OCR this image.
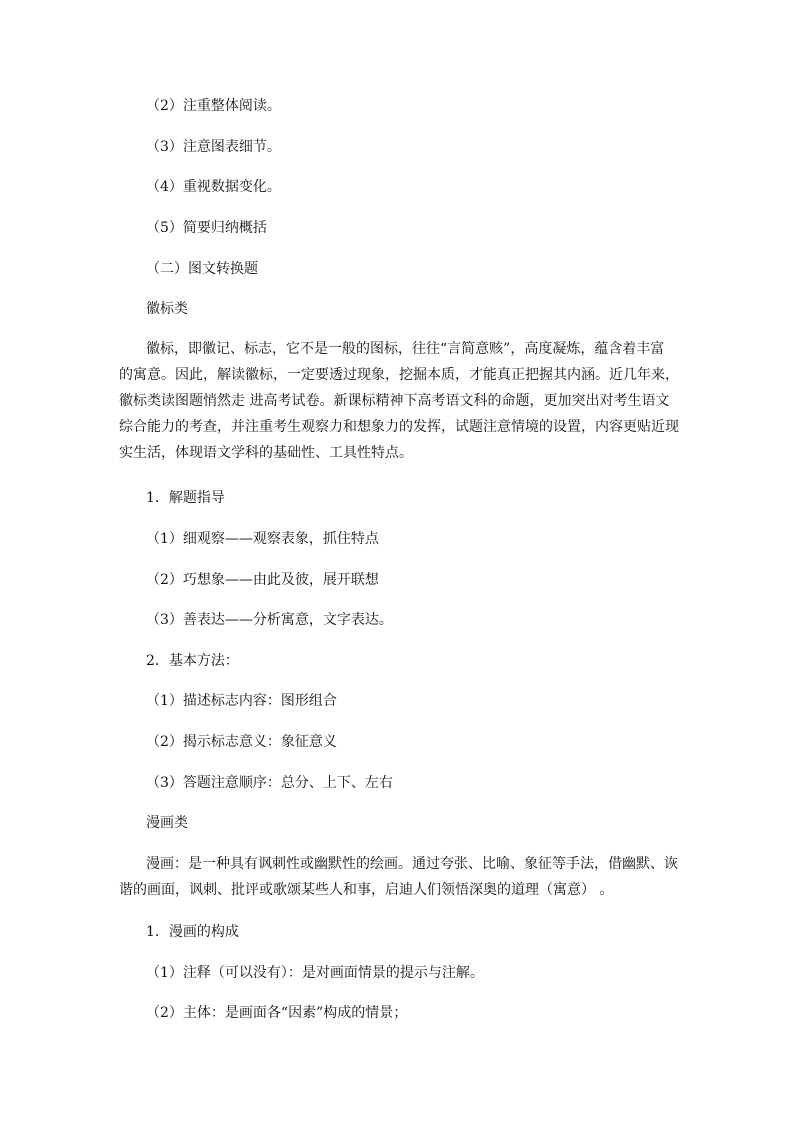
（2）注重整体阅读。
（3）注意图表细节。
（4）重视数据变化。
（5）简要归纳概括
（二）图文转换题
徽标类
徽标，即徽记、标志，它不是一般的图标，往往“言简意赅”，高度凝炼，蕴含着丰富
的寓意。因此，解读徽标，一定要透过现象，挖掘本质，才能真正把握其内涵。近几年来，
徽标类读图题悄然走 进高考试卷。新课标精神下高考语文科的命题，更加突出对考生语文
综合能力的考查，并注重考生观察力和想象力的发挥，试题注意情境的设置，内容更贴近现
实生活，体现语文学科的基础性、工具性特点。
1．解题指导
（1）细观察——观察表象，抓住特点
（2）巧想象——由此及彼，展开联想
（3）善表达——分析寓意，文字表达。
2．基本方法：
（1）描述标志内容：图形组合
（2）揭示标志意义：象征意义
（3）答题注意顺序：总分、上下、左右
漫画类
漫画：是一种具有讽刺性或幽默性的绘画。通过夸张、比喻、象征等手法，借幽默、诙
谐的画面，讽刺、批评或歌颂某些人和事，启迪人们领悟深奥的道理（寓意） 。
1．漫画的构成
（1）注释（可以没有）：是对画面情景的提示与注解。
（2）主体：是画面各“因素”构成的情景；
